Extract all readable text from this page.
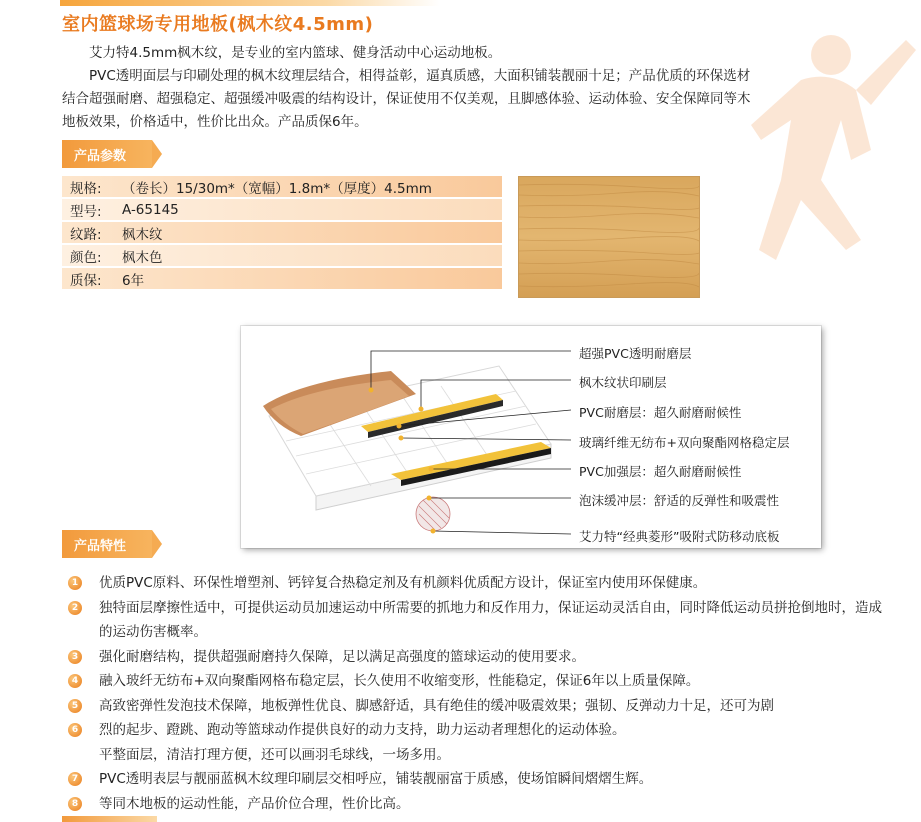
室内篮球场专用地板(枫木纹4.5mm)

艾力特4.5mm枫木纹，是专业的室内篮球、健身活动中心运动地板。

PVC透明面层与印刷处理的枫木纹理层结合，相得益彰，逼真质感，大面积铺装靓丽十足；产品优质的环保选材结合超强耐磨、超强稳定、超强缓冲吸震的结构设计，保证使用不仅美观，且脚感体验、运动体验、安全保障同等木地板效果，价格适中，性价比出众。产品质保6年。

产品参数
规格:	（卷长）15/30m*（宽幅）1.8m*（厚度）4.5mm
型号:	A-65145
纹路:	枫木纹
颜色:	枫木色
质保:	6年
超强PVC透明耐磨层
枫木纹状印刷层
PVC耐磨层：超久耐磨耐候性
玻璃纤维无纺布+双向聚酯网格稳定层
PVC加强层：超久耐磨耐候性
泡沫缓冲层：舒适的反弹性和吸震性
艾力特“经典菱形”吸附式防移动底板
产品特性
1 优质PVC原料、环保性增塑剂、钙锌复合热稳定剂及有机颜料优质配方设计，保证室内使用环保健康。
2 独特面层摩擦性适中，可提供运动员加速运动中所需要的抓地力和反作用力，保证运动灵活自由，同时降低运动员拼抢倒地时，造成的运动伤害概率。
3 强化耐磨结构，提供超强耐磨持久保障，足以满足高强度的篮球运动的使用要求。
4 融入玻纤无纺布+双向聚酯网格布稳定层，长久使用不收缩变形，性能稳定，保证6年以上质量保障。
5 高致密弹性发泡技术保障，地板弹性优良、脚感舒适，具有绝佳的缓冲吸震效果；强韧、反弹动力十足，还可为剧
6 烈的起步、蹬跳、跑动等篮球动作提供良好的动力支持，助力运动者理想化的运动体验。
平整面层，清洁打理方便，还可以画羽毛球线，一场多用。
7 PVC透明表层与靓丽蓝枫木纹理印刷层交相呼应，铺装靓丽富于质感，使场馆瞬间熠熠生辉。
8 等同木地板的运动性能，产品价位合理，性价比高。
